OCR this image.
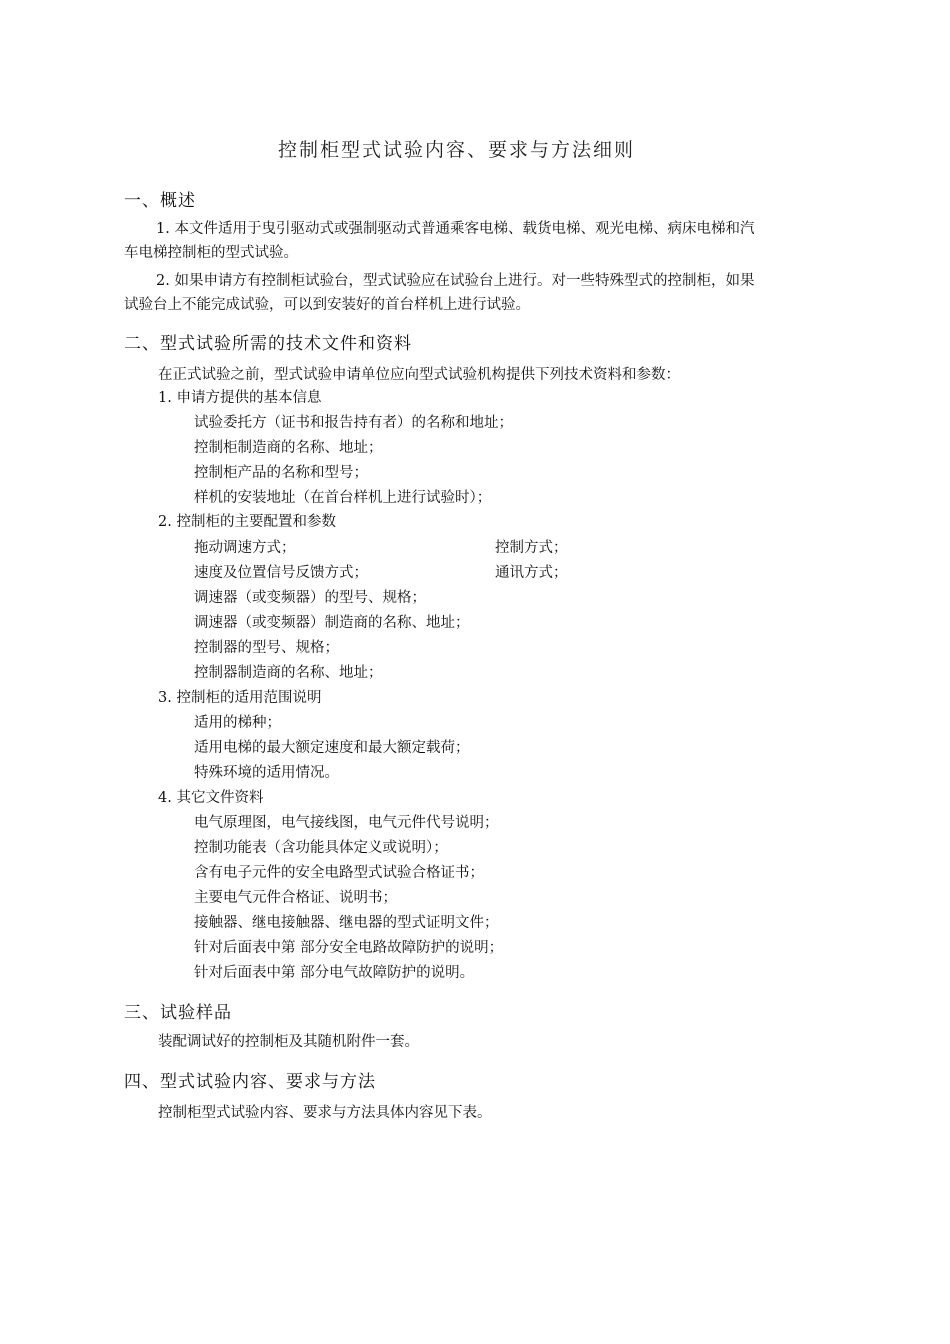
控制柜型式试验内容、要求与方法细则
一、概述
1. 本文件适用于曳引驱动式或强制驱动式普通乘客电梯、载货电梯、观光电梯、病床电梯和汽
车电梯控制柜的型式试验。
2. 如果申请方有控制柜试验台，型式试验应在试验台上进行。对一些特殊型式的控制柜，如果
试验台上不能完成试验，可以到安装好的首台样机上进行试验。
二、型式试验所需的技术文件和资料
在正式试验之前，型式试验申请单位应向型式试验机构提供下列技术资料和参数：
1. 申请方提供的基本信息
试验委托方（证书和报告持有者）的名称和地址；
控制柜制造商的名称、地址；
控制柜产品的名称和型号；
样机的安装地址（在首台样机上进行试验时）；
2. 控制柜的主要配置和参数
拖动调速方式；	控制方式；
速度及位置信号反馈方式；	通讯方式；
调速器（或变频器）的型号、规格；
调速器（或变频器）制造商的名称、地址；
控制器的型号、规格；
控制器制造商的名称、地址；
3. 控制柜的适用范围说明
适用的梯种；
适用电梯的最大额定速度和最大额定载荷；
特殊环境的适用情况。
4. 其它文件资料
电气原理图，电气接线图，电气元件代号说明；
控制功能表（含功能具体定义或说明）；
含有电子元件的安全电路型式试验合格证书；
主要电气元件合格证、说明书；
接触器、继电接触器、继电器的型式证明文件；
针对后面表中第 部分安全电路故障防护的说明；
针对后面表中第 部分电气故障防护的说明。
三、试验样品
装配调试好的控制柜及其随机附件一套。
四、型式试验内容、要求与方法
控制柜型式试验内容、要求与方法具体内容见下表。
